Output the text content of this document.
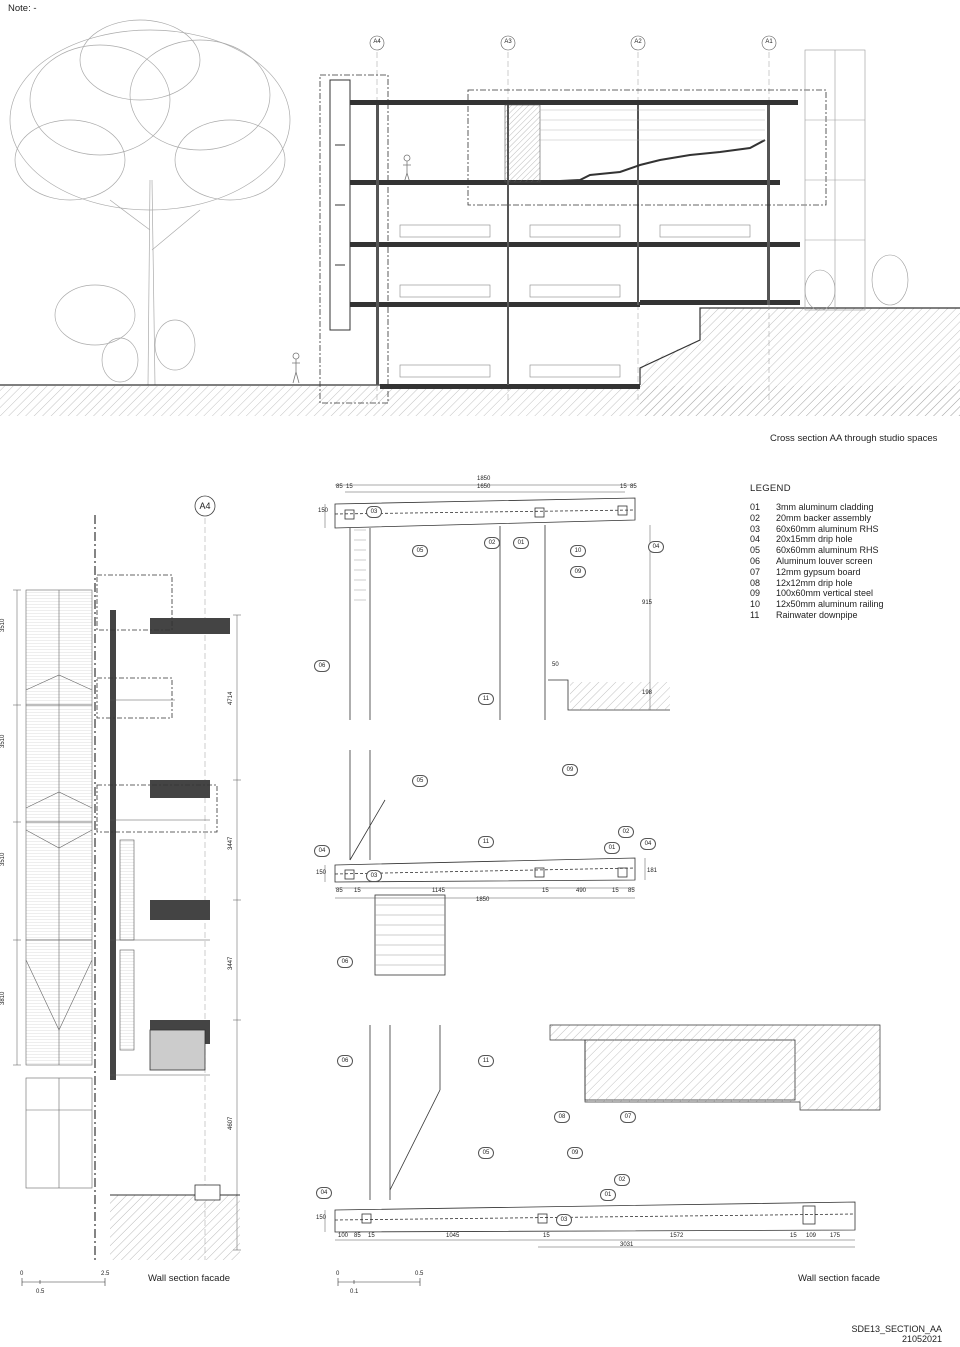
Note: -
A4	A3	A2	A1
Cross section AA through studio spaces
A4
3510
3510
3510
3810
4714
3447
3447
4607
0	2.5
0.5
Wall section facade
1850
1650
85 15	15 85
150
915
198
50
85 15	1145	15	490	15 85
1850
150	181
100 85 15	1045	15	1572	15 109 175
3031
150
03
02	01
10
04
05
09
06
11
05
09
11
02
01
04
04
03
06
06	11
08	07
05	09
02
01
04
03
0	0.5
0.1
Wall section facade
LEGEND
01	3mm aluminum cladding
02	20mm backer assembly
03	60x60mm aluminum RHS
04	20x15mm drip hole
05	60x60mm aluminum RHS
06	Aluminum louver screen
07	12mm gypsum board
08	12x12mm drip hole
09	100x60mm vertical steel
10	12x50mm aluminum railing
11	Rainwater downpipe
SDE13_SECTION_AA
21052021
